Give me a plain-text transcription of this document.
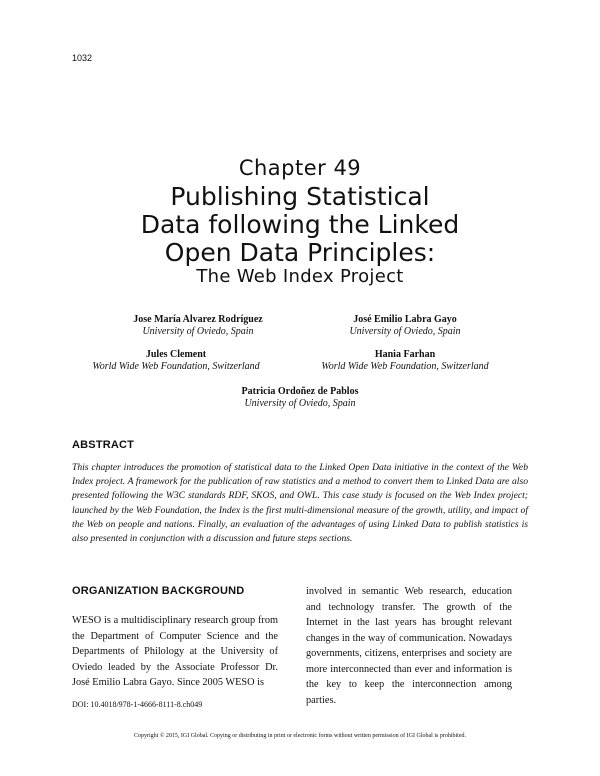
1032
Chapter 49
Publishing Statistical
Data following the Linked
Open Data Principles:
The Web Index Project
Jose María Alvarez Rodríguez
University of Oviedo, Spain
José Emilio Labra Gayo
University of Oviedo, Spain
Jules Clement
World Wide Web Foundation, Switzerland
Hania Farhan
World Wide Web Foundation, Switzerland
Patricia Ordoñez de Pablos
University of Oviedo, Spain
ABSTRACT
This chapter introduces the promotion of statistical data to the Linked Open Data initiative in the context of the Web Index project. A framework for the publication of raw statistics and a method to convert them to Linked Data are also presented following the W3C standards RDF, SKOS, and OWL. This case study is focused on the Web Index project; launched by the Web Foundation, the Index is the first multi-dimensional measure of the growth, utility, and impact of the Web on people and nations. Finally, an evaluation of the advantages of using Linked Data to publish statistics is also presented in conjunction with a discussion and future steps sections.
ORGANIZATION BACKGROUND
WESO is a multidisciplinary research group from the Department of Computer Science and the Departments of Philology at the University of Oviedo leaded by the Associate Professor Dr. José Emilio Labra Gayo. Since 2005 WESO is
involved in semantic Web research, education and technology transfer. The growth of the Internet in the last years has brought relevant changes in the way of communication. Nowadays governments, citizens, enterprises and society are more interconnected than ever and information is the key to keep the interconnection among parties.
DOI: 10.4018/978-1-4666-8111-8.ch049
Copyright © 2015, IGI Global. Copying or distributing in print or electronic forms without written permission of IGI Global is prohibited.
